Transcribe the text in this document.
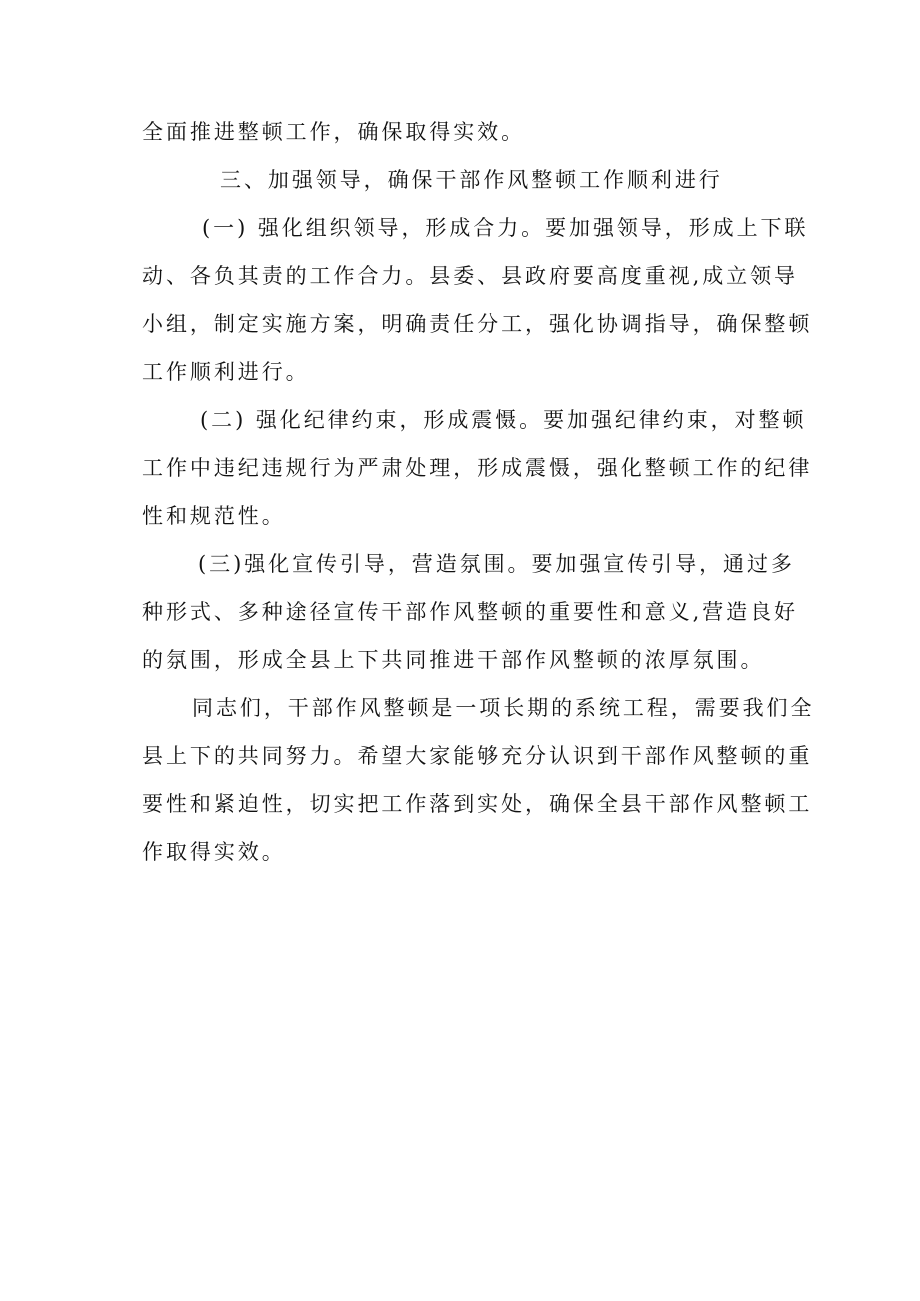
全面推进整顿工作，确保取得实效。
三、加强领导，确保干部作风整顿工作顺利进行
(一) 强化组织领导，形成合力。要加强领导，形成上下联
动、各负其责的工作合力。县委、县政府要高度重视,成立领导
小组，制定实施方案，明确责任分工，强化协调指导，确保整顿
工作顺利进行。
(二) 强化纪律约束，形成震慑。要加强纪律约束，对整顿
工作中违纪违规行为严肃处理，形成震慑，强化整顿工作的纪律
性和规范性。
(三)强化宣传引导，营造氛围。要加强宣传引导，通过多
种形式、多种途径宣传干部作风整顿的重要性和意义,营造良好
的氛围，形成全县上下共同推进干部作风整顿的浓厚氛围。
同志们，干部作风整顿是一项长期的系统工程，需要我们全
县上下的共同努力。希望大家能够充分认识到干部作风整顿的重
要性和紧迫性，切实把工作落到实处，确保全县干部作风整顿工
作取得实效。
